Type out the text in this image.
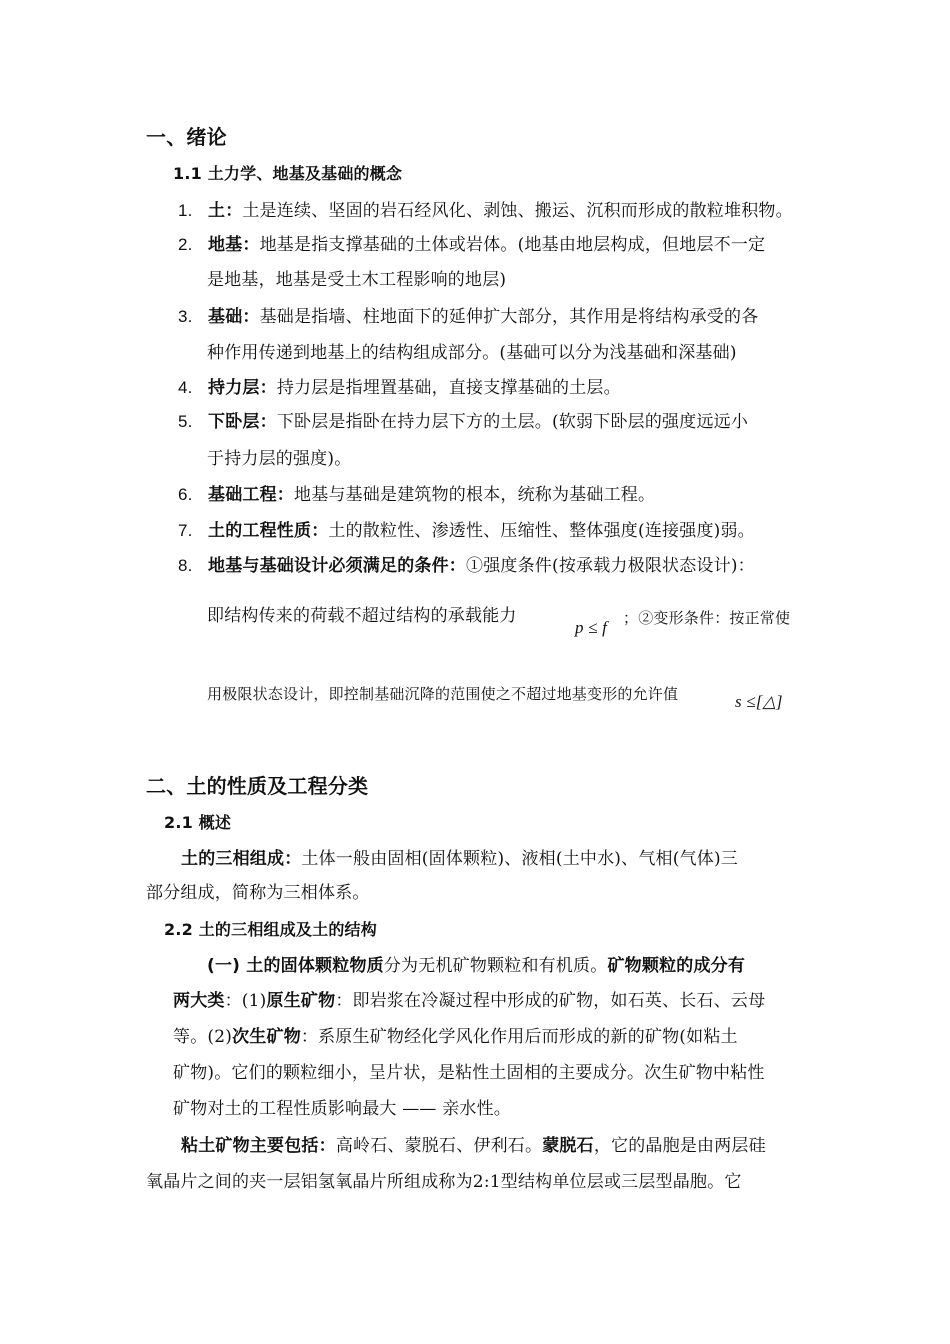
一、绪论
1.1 土力学、地基及基础的概念
1. 土：土是连续、坚固的岩石经风化、剥蚀、搬运、沉积而形成的散粒堆积物。
2. 地基：地基是指支撑基础的土体或岩体。(地基由地层构成，但地层不一定
是地基，地基是受土木工程影响的地层)
3. 基础：基础是指墙、柱地面下的延伸扩大部分，其作用是将结构承受的各
种作用传递到地基上的结构组成部分。(基础可以分为浅基础和深基础)
4. 持力层：持力层是指埋置基础，直接支撑基础的土层。
5. 下卧层：下卧层是指卧在持力层下方的土层。(软弱下卧层的强度远远小
于持力层的强度)。
6. 基础工程：地基与基础是建筑物的根本，统称为基础工程。
7. 土的工程性质：土的散粒性、渗透性、压缩性、整体强度(连接强度)弱。
8. 地基与基础设计必须满足的条件：①强度条件(按承载力极限状态设计)：
即结构传来的荷载不超过结构的承载能力
p ≤ f ；②变形条件：按正常使
用极限状态设计，即控制基础沉降的范围使之不超过地基变形的允许值	s ≤[△]
二、土的性质及工程分类
2.1 概述
土的三相组成：土体一般由固相(固体颗粒)、液相(土中水)、气相(气体)三
部分组成，简称为三相体系。
2.2 土的三相组成及土的结构
(一) 土的固体颗粒物质分为无机矿物颗粒和有机质。矿物颗粒的成分有
两大类：(1)原生矿物：即岩浆在冷凝过程中形成的矿物，如石英、长石、云母
等。(2)次生矿物：系原生矿物经化学风化作用后而形成的新的矿物(如粘土
矿物)。它们的颗粒细小，呈片状，是粘性土固相的主要成分。次生矿物中粘性
矿物对土的工程性质影响最大 —— 亲水性。
粘土矿物主要包括：高岭石、蒙脱石、伊利石。蒙脱石，它的晶胞是由两层硅
氧晶片之间的夹一层铝氢氧晶片所组成称为2:1型结构单位层或三层型晶胞。它
